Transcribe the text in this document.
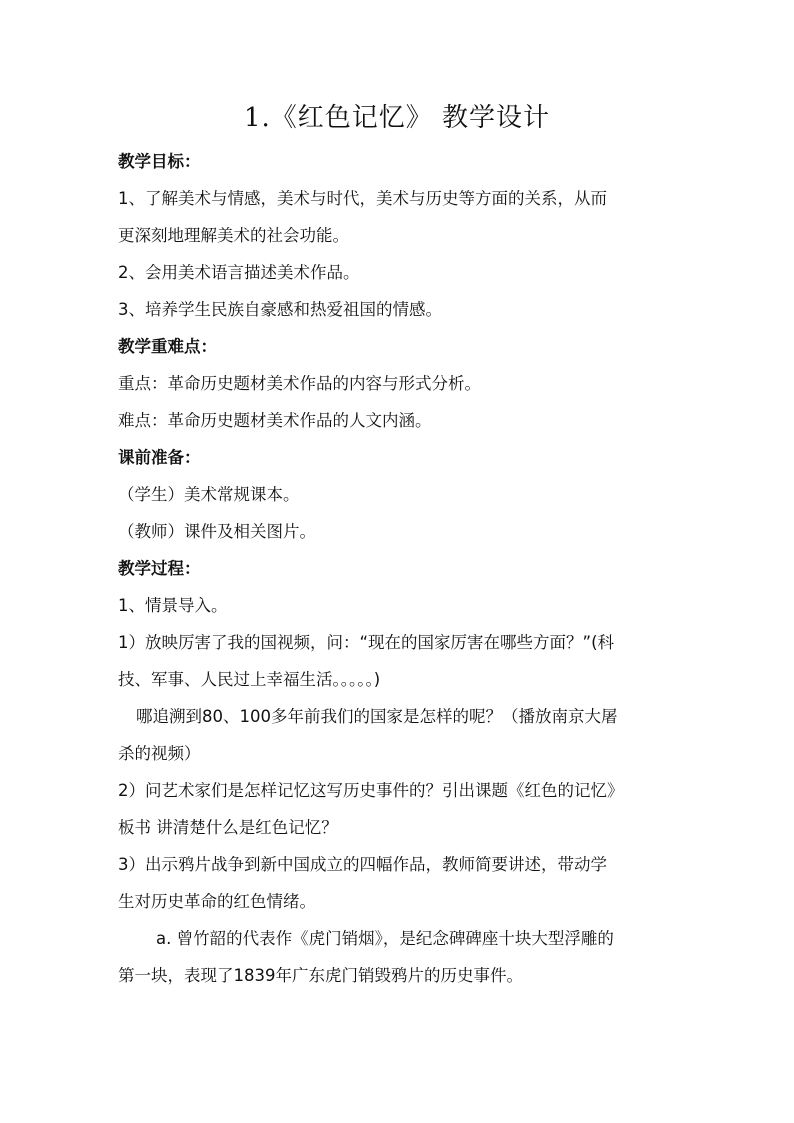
1.《红色记忆》 教学设计
教学目标：
1、了解美术与情感，美术与时代，美术与历史等方面的关系，从而
更深刻地理解美术的社会功能。
2、会用美术语言描述美术作品。
3、培养学生民族自豪感和热爱祖国的情感。
教学重难点：
重点：革命历史题材美术作品的内容与形式分析。
难点：革命历史题材美术作品的人文内涵。
课前准备：
（学生）美术常规课本。
（教师）课件及相关图片。
教学过程：
1、情景导入。
1）放映厉害了我的国视频，问：“现在的国家厉害在哪些方面？”(科
技、军事、人民过上幸福生活。。。。。)
哪追溯到80、100多年前我们的国家是怎样的呢？（播放南京大屠
杀的视频）
2）问艺术家们是怎样记忆这写历史事件的？引出课题《红色的记忆》
板书 讲清楚什么是红色记忆？
3）出示鸦片战争到新中国成立的四幅作品，教师简要讲述，带动学
生对历史革命的红色情绪。
a. 曾竹韶的代表作《虎门销烟》，是纪念碑碑座十块大型浮雕的
第一块，表现了1839年广东虎门销毁鸦片的历史事件。
